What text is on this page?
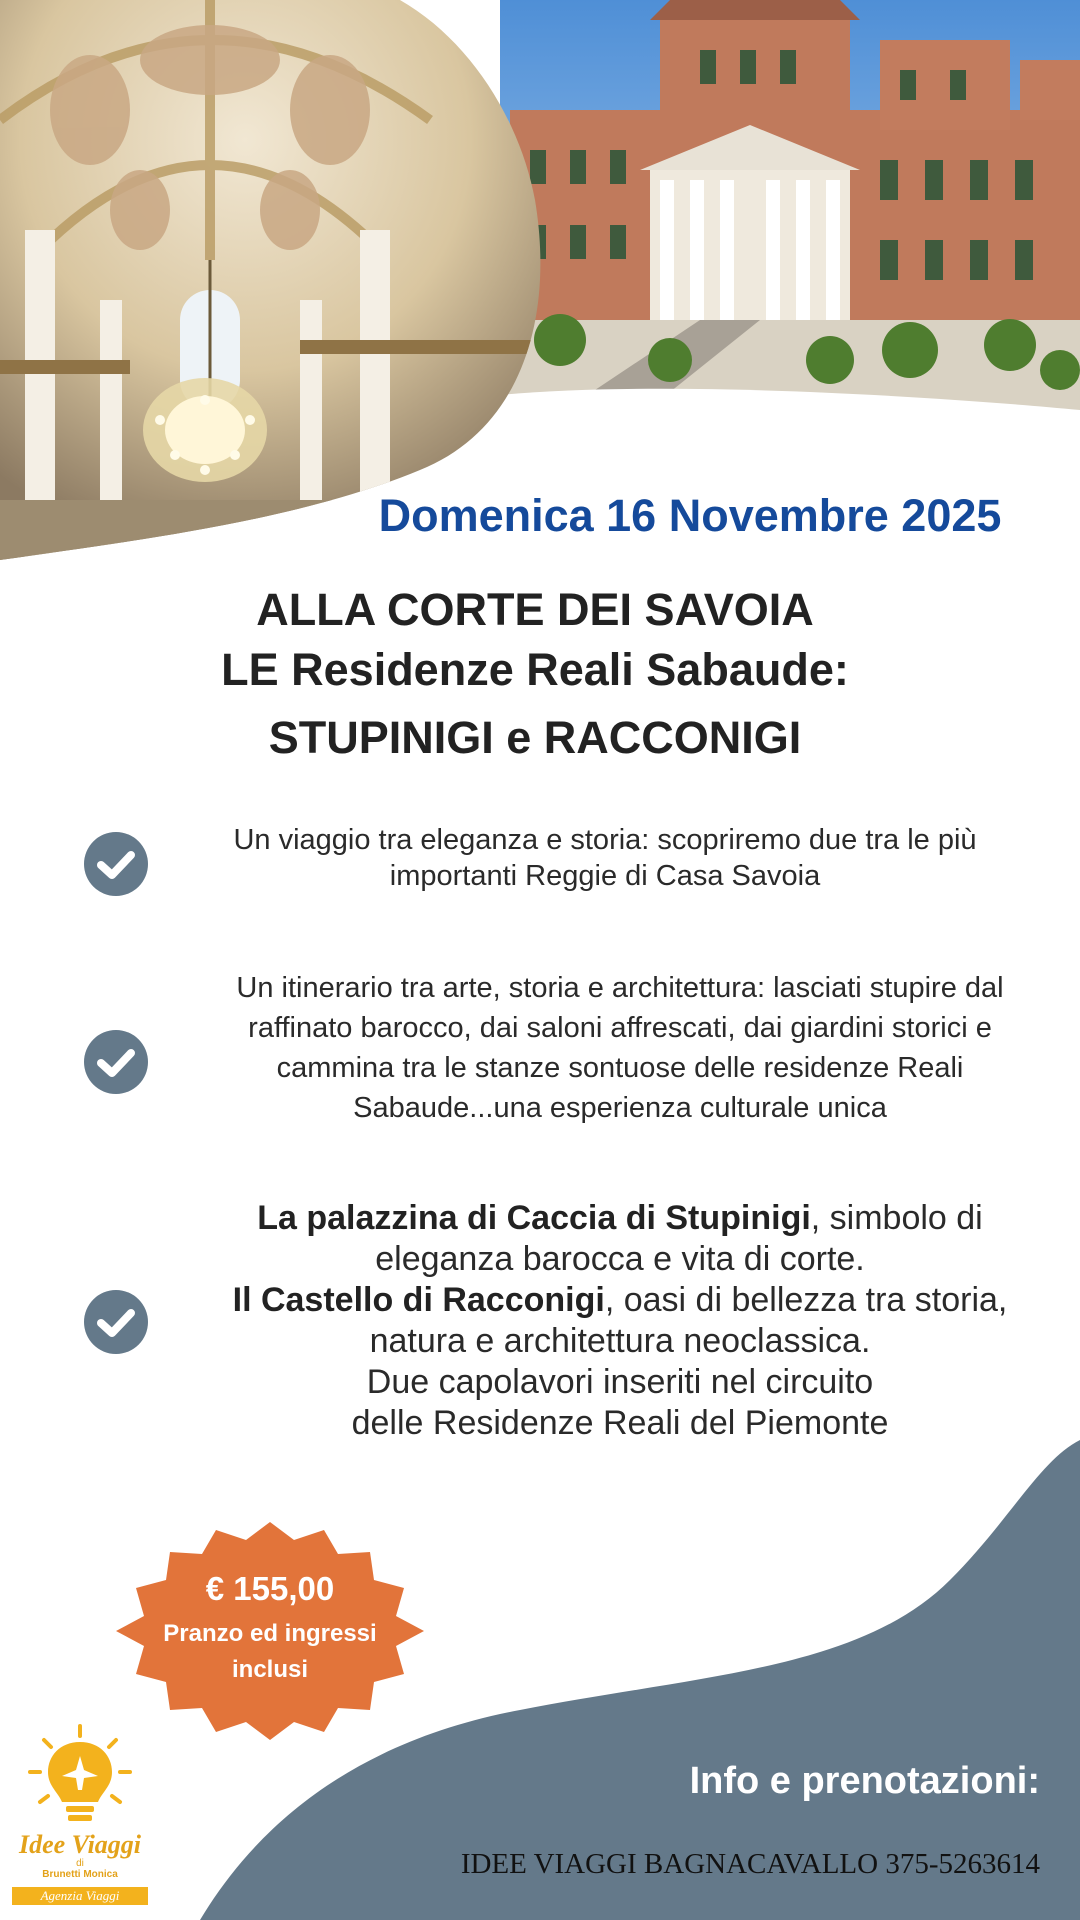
Domenica 16 Novembre 2025
ALLA CORTE DEI SAVOIA
LE Residenze Reali Sabaude:
STUPINIGI e RACCONIGI
Un viaggio tra eleganza e storia: scopriremo due tra le più
importanti Reggie di Casa Savoia
Un itinerario tra arte, storia e architettura: lasciati stupire dal
raffinato barocco, dai saloni affrescati, dai giardini storici e
cammina tra le stanze sontuose delle residenze Reali
Sabaude...una esperienza culturale unica
La palazzina di Caccia di Stupinigi, simbolo di
eleganza barocca e vita di corte.
Il Castello di Racconigi, oasi di bellezza tra storia,
natura e architettura neoclassica.
Due capolavori inseriti nel circuito
delle Residenze Reali del Piemonte
€ 155,00
Pranzo ed ingressi
inclusi
Info e prenotazioni:
IDEE VIAGGI BAGNACAVALLO 375-5263614
Idee Viaggi
di
Brunetti Monica
Agenzia Viaggi
